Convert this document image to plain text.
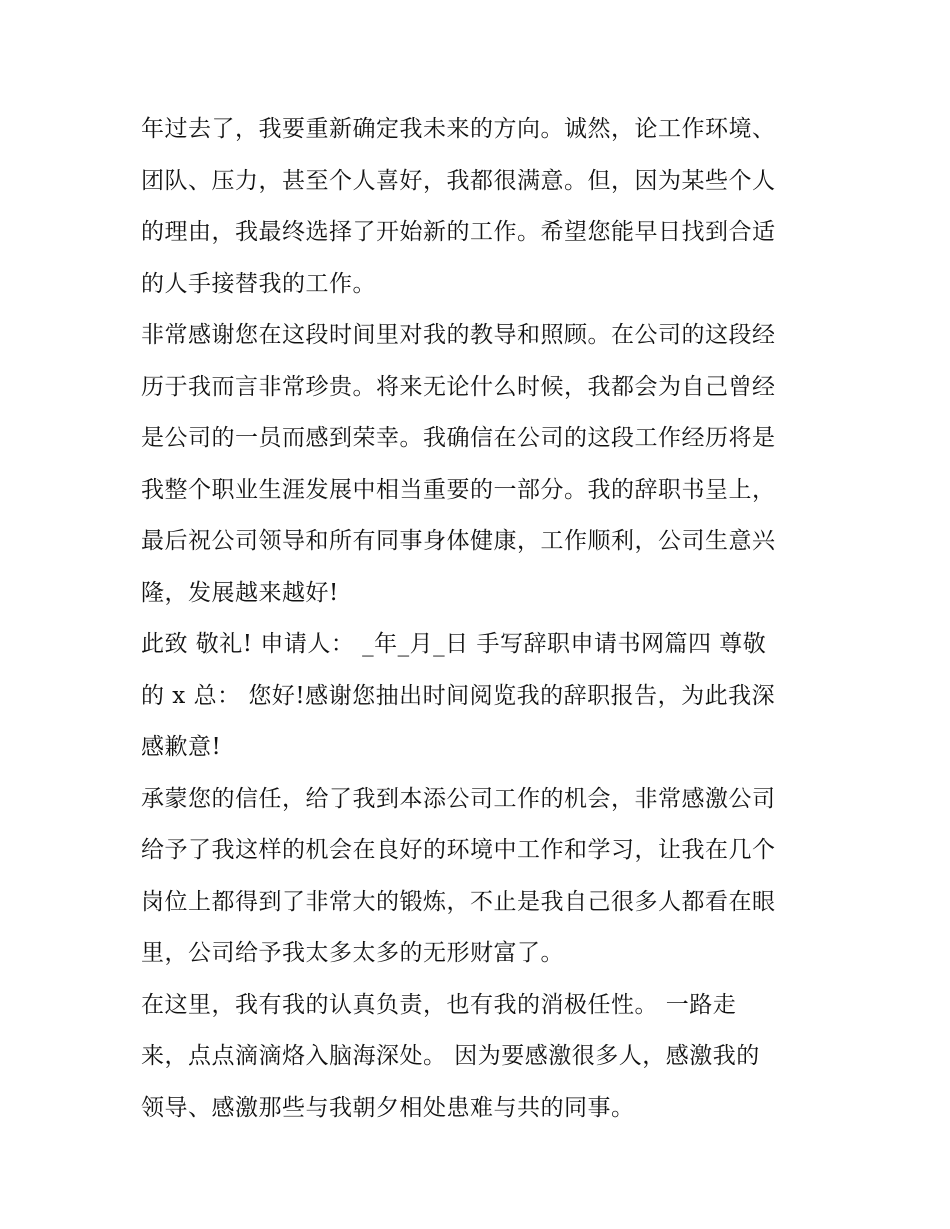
年过去了，我要重新确定我未来的方向。诚然，论工作环境、
团队、压力，甚至个人喜好，我都很满意。但，因为某些个人
的理由，我最终选择了开始新的工作。希望您能早日找到合适
的人手接替我的工作。
非常感谢您在这段时间里对我的教导和照顾。在公司的这段经
历于我而言非常珍贵。将来无论什么时候，我都会为自己曾经
是公司的一员而感到荣幸。我确信在公司的这段工作经历将是
我整个职业生涯发展中相当重要的一部分。我的辞职书呈上，
最后祝公司领导和所有同事身体健康，工作顺利，公司生意兴
隆，发展越来越好!
此致 敬礼! 申请人： _年_月_日 手写辞职申请书网篇四 尊敬
的 x 总： 您好!感谢您抽出时间阅览我的辞职报告，为此我深
感歉意!
承蒙您的信任，给了我到本添公司工作的机会，非常感激公司
给予了我这样的机会在良好的环境中工作和学习，让我在几个
岗位上都得到了非常大的锻炼，不止是我自己很多人都看在眼
里，公司给予我太多太多的无形财富了。
在这里，我有我的认真负责，也有我的消极任性。 一路走
来，点点滴滴烙入脑海深处。 因为要感激很多人，感激我的
领导、感激那些与我朝夕相处患难与共的同事。
